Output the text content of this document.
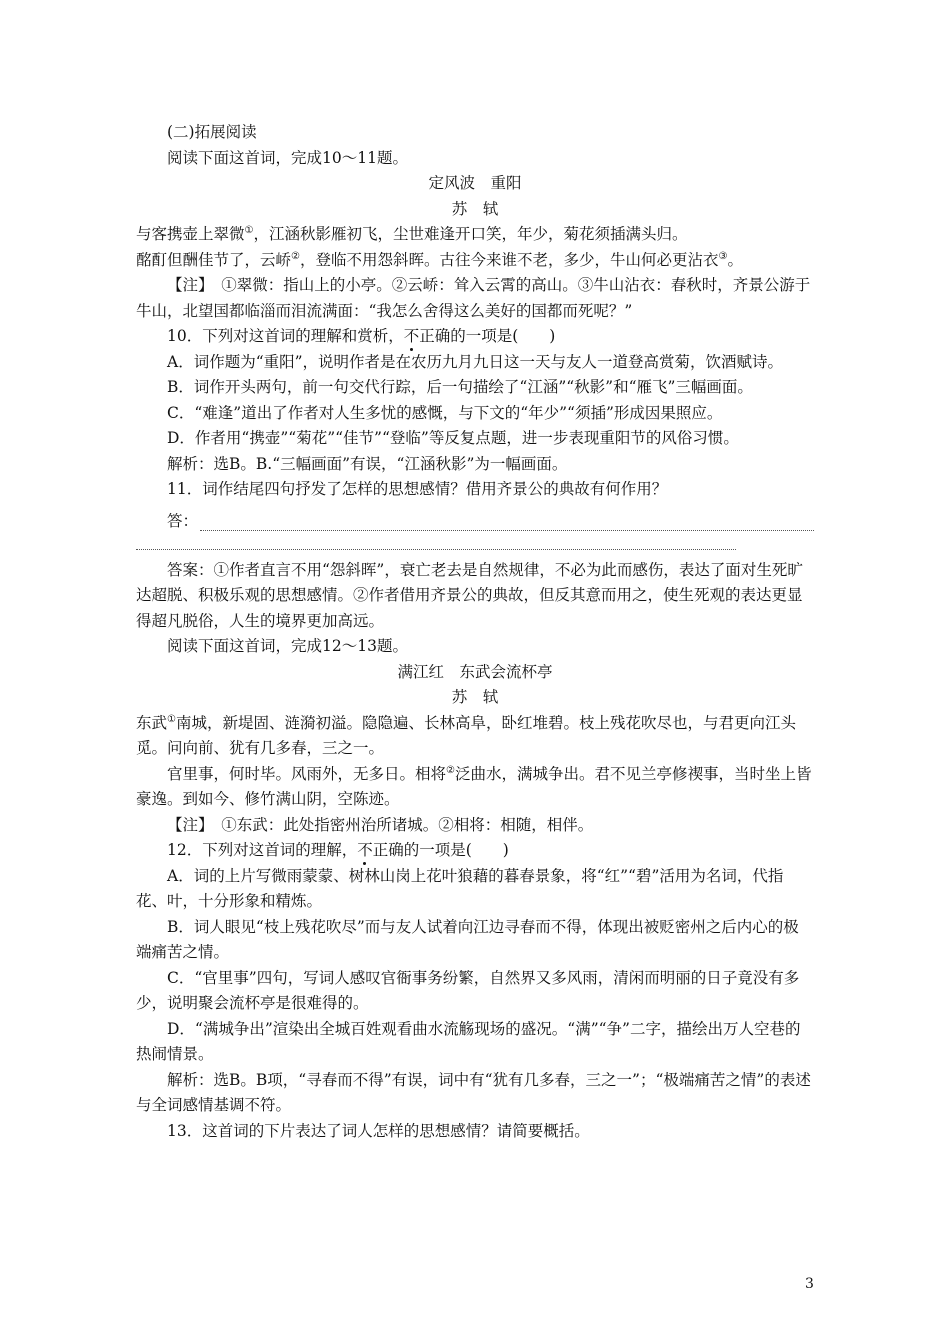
(二)拓展阅读

阅读下面这首词，完成10～11题。

定风波　重阳

苏　轼

与客携壶上翠微①，江涵秋影雁初飞，尘世难逢开口笑，年少，菊花须插满头归。

酩酊但酬佳节了，云峤②，登临不用怨斜晖。古往今来谁不老，多少，牛山何必更沾衣③。

【注】　①翠微：指山上的小亭。②云峤：耸入云霄的高山。③牛山沾衣：春秋时，齐景公游于牛山，北望国都临淄而泪流满面：“我怎么舍得这么美好的国都而死呢？”

10．下列对这首词的理解和赏析，不正确的一项是(　　)

A．词作题为“重阳”，说明作者是在农历九月九日这一天与友人一道登高赏菊，饮酒赋诗。

B．词作开头两句，前一句交代行踪，后一句描绘了“江涵”“秋影”和“雁飞”三幅画面。

C．“难逢”道出了作者对人生多忧的感慨，与下文的“年少”“须插”形成因果照应。

D．作者用“携壶”“菊花”“佳节”“登临”等反复点题，进一步表现重阳节的风俗习惯。

解析：选B。B.“三幅画面”有误，“江涵秋影”为一幅画面。

11．词作结尾四句抒发了怎样的思想感情？借用齐景公的典故有何作用？

答：

答案：①作者直言不用“怨斜晖”，衰亡老去是自然规律，不必为此而感伤，表达了面对生死旷达超脱、积极乐观的思想感情。②作者借用齐景公的典故，但反其意而用之，使生死观的表达更显得超凡脱俗，人生的境界更加高远。

阅读下面这首词，完成12～13题。

满江红　东武会流杯亭

苏　轼

东武①南城，新堤固、涟漪初溢。隐隐遍、长林高阜，卧红堆碧。枝上残花吹尽也，与君更向江头觅。问向前、犹有几多春，三之一。

官里事，何时毕。风雨外，无多日。相将②泛曲水，满城争出。君不见兰亭修禊事，当时坐上皆豪逸。到如今、修竹满山阴，空陈迹。

【注】　①东武：此处指密州治所诸城。②相将：相随，相伴。

12．下列对这首词的理解，不正确的一项是(　　)

A．词的上片写微雨蒙蒙、树林山岗上花叶狼藉的暮春景象，将“红”“碧”活用为名词，代指花、叶，十分形象和精炼。

B．词人眼见“枝上残花吹尽”而与友人试着向江边寻春而不得，体现出被贬密州之后内心的极端痛苦之情。

C．“官里事”四句，写词人感叹官衙事务纷繁，自然界又多风雨，清闲而明丽的日子竟没有多少，说明聚会流杯亭是很难得的。

D．“满城争出”渲染出全城百姓观看曲水流觞现场的盛况。“满”“争”二字，描绘出万人空巷的热闹情景。

解析：选B。B项，“寻春而不得”有误，词中有“犹有几多春，三之一”；“极端痛苦之情”的表述与全词感情基调不符。

13．这首词的下片表达了词人怎样的思想感情？请简要概括。

3
